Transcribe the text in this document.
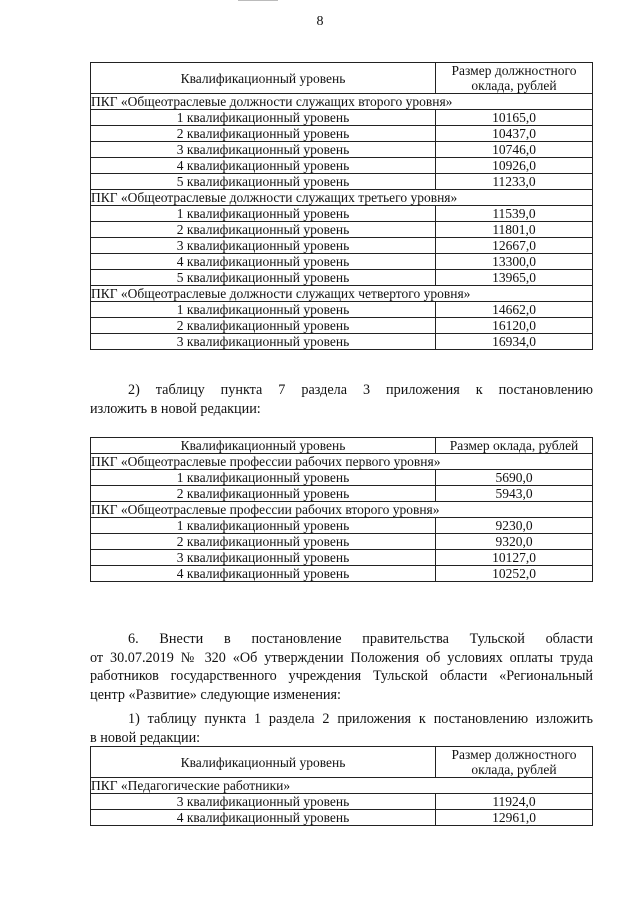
8
Квалификационный уровень	Размер должностного оклада, рублей
ПКГ «Общеотраслевые должности служащих второго уровня»	
1 квалификационный уровень	10165,0
2 квалификационный уровень	10437,0
3 квалификационный уровень	10746,0
4 квалификационный уровень	10926,0
5 квалификационный уровень	11233,0
ПКГ «Общеотраслевые должности служащих третьего уровня»	
1 квалификационный уровень	11539,0
2 квалификационный уровень	11801,0
3 квалификационный уровень	12667,0
4 квалификационный уровень	13300,0
5 квалификационный уровень	13965,0
ПКГ «Общеотраслевые должности служащих четвертого уровня»	
1 квалификационный уровень	14662,0
2 квалификационный уровень	16120,0
3 квалификационный уровень	16934,0
2) таблицу пункта 7 раздела 3 приложения к постановлению
изложить в новой редакции:
Квалификационный уровень	Размер оклада, рублей
ПКГ «Общеотраслевые профессии рабочих первого уровня»	
1 квалификационный уровень	5690,0
2 квалификационный уровень	5943,0
ПКГ «Общеотраслевые профессии рабочих второго уровня»	
1 квалификационный уровень	9230,0
2 квалификационный уровень	9320,0
3 квалификационный уровень	10127,0
4 квалификационный уровень	10252,0
6. Внести в постановление правительства Тульской области
от 30.07.2019 № 320 «Об утверждении Положения об условиях оплаты труда
работников государственного учреждения Тульской области «Региональный
центр «Развитие» следующие изменения:
1) таблицу пункта 1 раздела 2 приложения к постановлению изложить
в новой редакции:
Квалификационный уровень	Размер должностного оклада, рублей
ПКГ «Педагогические работники»	
3 квалификационный уровень	11924,0
4 квалификационный уровень	12961,0
